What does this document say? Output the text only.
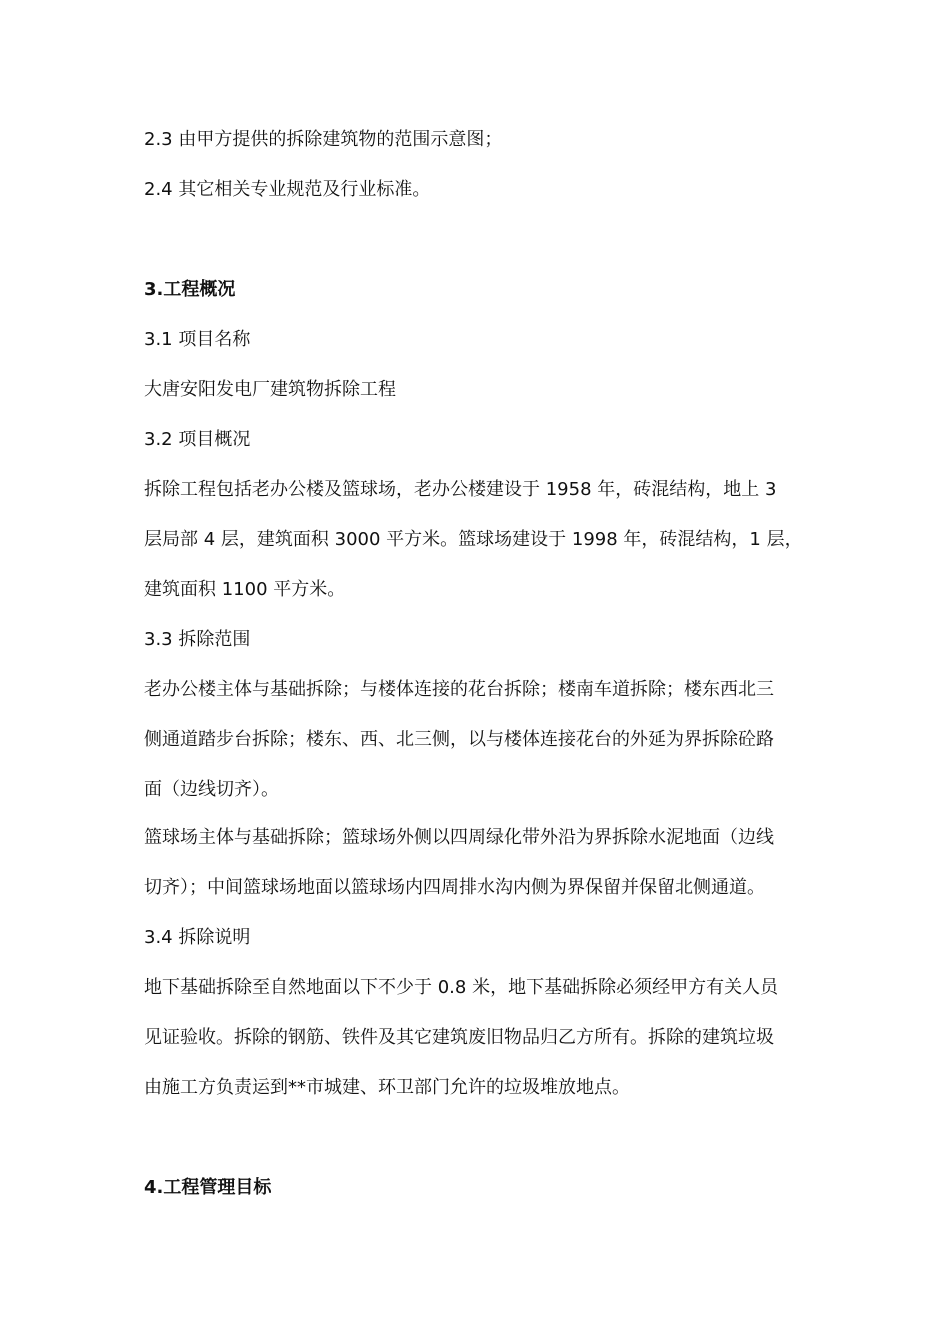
2.3 由甲方提供的拆除建筑物的范围示意图；
2.4 其它相关专业规范及行业标准。
3.工程概况
3.1 项目名称
大唐安阳发电厂建筑物拆除工程
3.2 项目概况
拆除工程包括老办公楼及篮球场，老办公楼建设于 1958 年，砖混结构，地上 3
层局部 4 层，建筑面积 3000 平方米。篮球场建设于 1998 年，砖混结构，1 层，
建筑面积 1100 平方米。
3.3 拆除范围
老办公楼主体与基础拆除；与楼体连接的花台拆除；楼南车道拆除；楼东西北三
侧通道踏步台拆除；楼东、西、北三侧，以与楼体连接花台的外延为界拆除砼路
面（边线切齐）。
篮球场主体与基础拆除；篮球场外侧以四周绿化带外沿为界拆除水泥地面（边线
切齐）；中间篮球场地面以篮球场内四周排水沟内侧为界保留并保留北侧通道。
3.4 拆除说明
地下基础拆除至自然地面以下不少于 0.8 米，地下基础拆除必须经甲方有关人员
见证验收。拆除的钢筋、铁件及其它建筑废旧物品归乙方所有。拆除的建筑垃圾
由施工方负责运到**市城建、环卫部门允许的垃圾堆放地点。
4.工程管理目标
